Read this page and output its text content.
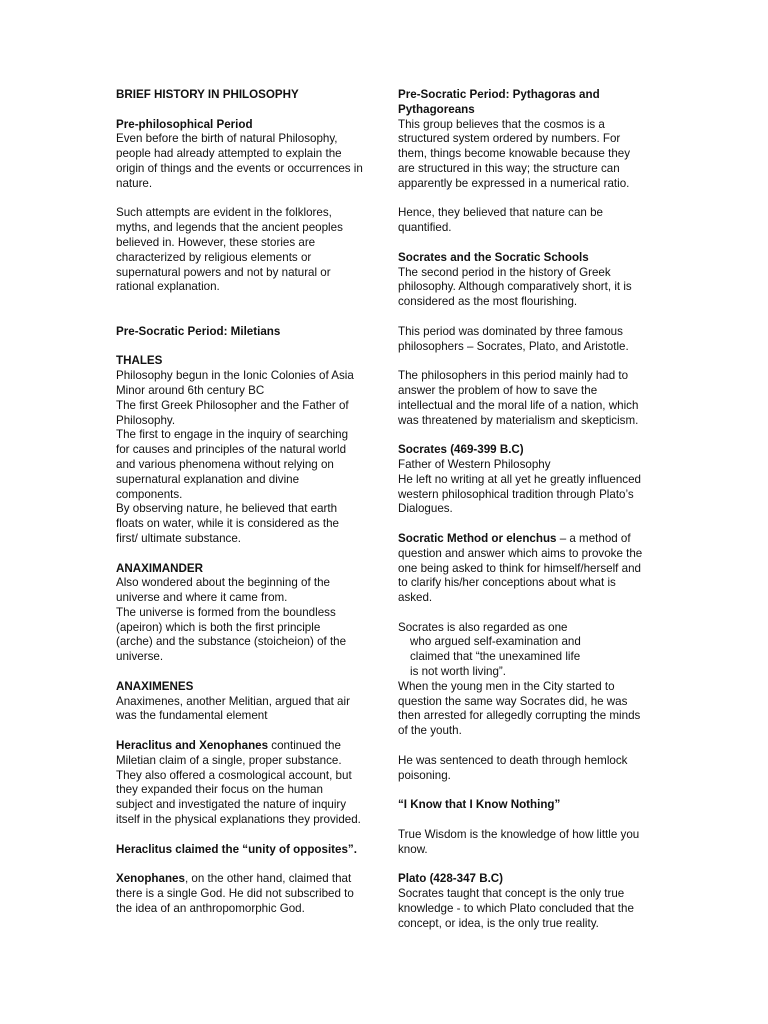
BRIEF HISTORY IN PHILOSOPHY
Pre-philosophical Period
Even before the birth of natural Philosophy,
people had already attempted to explain the
origin of things and the events or occurrences in
nature.
Such attempts are evident in the folklores,
myths, and legends that the ancient peoples
believed in. However, these stories are
characterized by religious elements or
supernatural powers and not by natural or
rational explanation.
Pre-Socratic Period: Miletians
THALES
Philosophy begun in the Ionic Colonies of Asia
Minor around 6th century BC
The first Greek Philosopher and the Father of
Philosophy.
The first to engage in the inquiry of searching
for causes and principles of the natural world
and various phenomena without relying on
supernatural explanation and divine
components.
By observing nature, he believed that earth
floats on water, while it is considered as the
first/ ultimate substance.
ANAXIMANDER
Also wondered about the beginning of the
universe and where it came from.
The universe is formed from the boundless
(apeiron) which is both the first principle
(arche) and the substance (stoicheion) of the
universe.
ANAXIMENES
Anaximenes, another Melitian, argued that air
was the fundamental element
Heraclitus and Xenophanes continued the
Miletian claim of a single, proper substance.
They also offered a cosmological account, but
they expanded their focus on the human
subject and investigated the nature of inquiry
itself in the physical explanations they provided.
Heraclitus claimed the “unity of opposites”.
Xenophanes, on the other hand, claimed that
there is a single God. He did not subscribed to
the idea of an anthropomorphic God.
Pre-Socratic Period: Pythagoras and
Pythagoreans
This group believes that the cosmos is a
structured system ordered by numbers. For
them, things become knowable because they
are structured in this way; the structure can
apparently be expressed in a numerical ratio.
Hence, they believed that nature can be
quantified.
Socrates and the Socratic Schools
The second period in the history of Greek
philosophy. Although comparatively short, it is
considered as the most flourishing.
This period was dominated by three famous
philosophers – Socrates, Plato, and Aristotle.
The philosophers in this period mainly had to
answer the problem of how to save the
intellectual and the moral life of a nation, which
was threatened by materialism and skepticism.
Socrates (469-399 B.C)
Father of Western Philosophy
He left no writing at all yet he greatly influenced
western philosophical tradition through Plato’s
Dialogues.
Socratic Method or elenchus – a method of
question and answer which aims to provoke the
one being asked to think for himself/herself and
to clarify his/her conceptions about what is
asked.
Socrates is also regarded as one
who argued self-examination and
claimed that “the unexamined life
is not worth living”.
When the young men in the City started to
question the same way Socrates did, he was
then arrested for allegedly corrupting the minds
of the youth.
He was sentenced to death through hemlock
poisoning.
“I Know that I Know Nothing”
True Wisdom is the knowledge of how little you
know.
Plato (428-347 B.C)
Socrates taught that concept is the only true
knowledge - to which Plato concluded that the
concept, or idea, is the only true reality.
